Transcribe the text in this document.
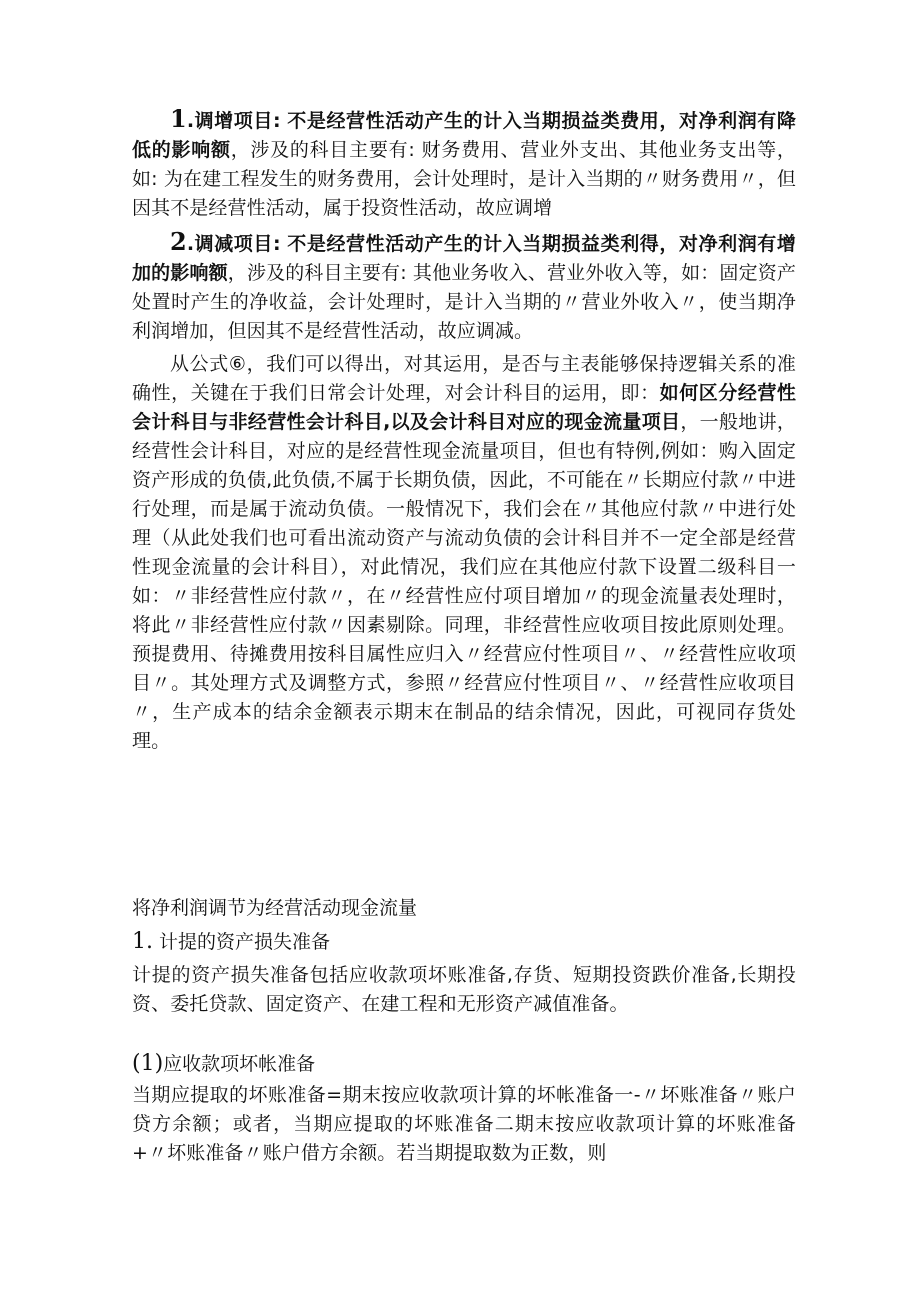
1.调增项目: 不是经营性活动产生的计入当期损益类费用，对净利润有降低的影响额，涉及的科目主要有: 财务费用、营业外支出、其他业务支出等，如: 为在建工程发生的财务费用，会计处理时，是计入当期的〃财务费用〃，但因其不是经营性活动，属于投资性活动，故应调增

2.调减项目: 不是经营性活动产生的计入当期损益类利得，对净利润有增加的影响额，涉及的科目主要有: 其他业务收入、营业外收入等，如：固定资产处置时产生的净收益，会计处理时，是计入当期的〃营业外收入〃，使当期净利润增加，但因其不是经营性活动，故应调减。

从公式⑥，我们可以得出，对其运用，是否与主表能够保持逻辑关系的准确性，关键在于我们日常会计处理，对会计科目的运用，即：如何区分经营性会计科目与非经营性会计科目,以及会计科目对应的现金流量项目，一般地讲，经营性会计科目，对应的是经营性现金流量项目，但也有特例,例如：购入固定资产形成的负债,此负债,不属于长期负债，因此，不可能在〃长期应付款〃中进行处理，而是属于流动负债。一般情况下，我们会在〃其他应付款〃中进行处理（从此处我们也可看出流动资产与流动负债的会计科目并不一定全部是经营性现金流量的会计科目），对此情况，我们应在其他应付款下设置二级科目一如：〃非经营性应付款〃，在〃经营性应付项目增加〃的现金流量表处理时，将此〃非经营性应付款〃因素剔除。同理，非经营性应收项目按此原则处理。预提费用、待摊费用按科目属性应归入〃经营应付性项目〃、〃经营性应收项目〃。其处理方式及调整方式，参照〃经营应付性项目〃、〃经营性应收项目〃，生产成本的结余金额表示期末在制品的结余情况，因此，可视同存货处理。

将净利润调节为经营活动现金流量

1. 计提的资产损失准备

计提的资产损失准备包括应收款项坏账准备,存货、短期投资跌价准备,长期投资、委托贷款、固定资产、在建工程和无形资产减值准备。

(1)应收款项坏帐准备

当期应提取的坏账准备=期末按应收款项计算的坏帐准备一-〃坏账准备〃账户贷方余额；或者，当期应提取的坏账准备二期末按应收款项计算的坏账准备+〃坏账准备〃账户借方余额。若当期提取数为正数，则
